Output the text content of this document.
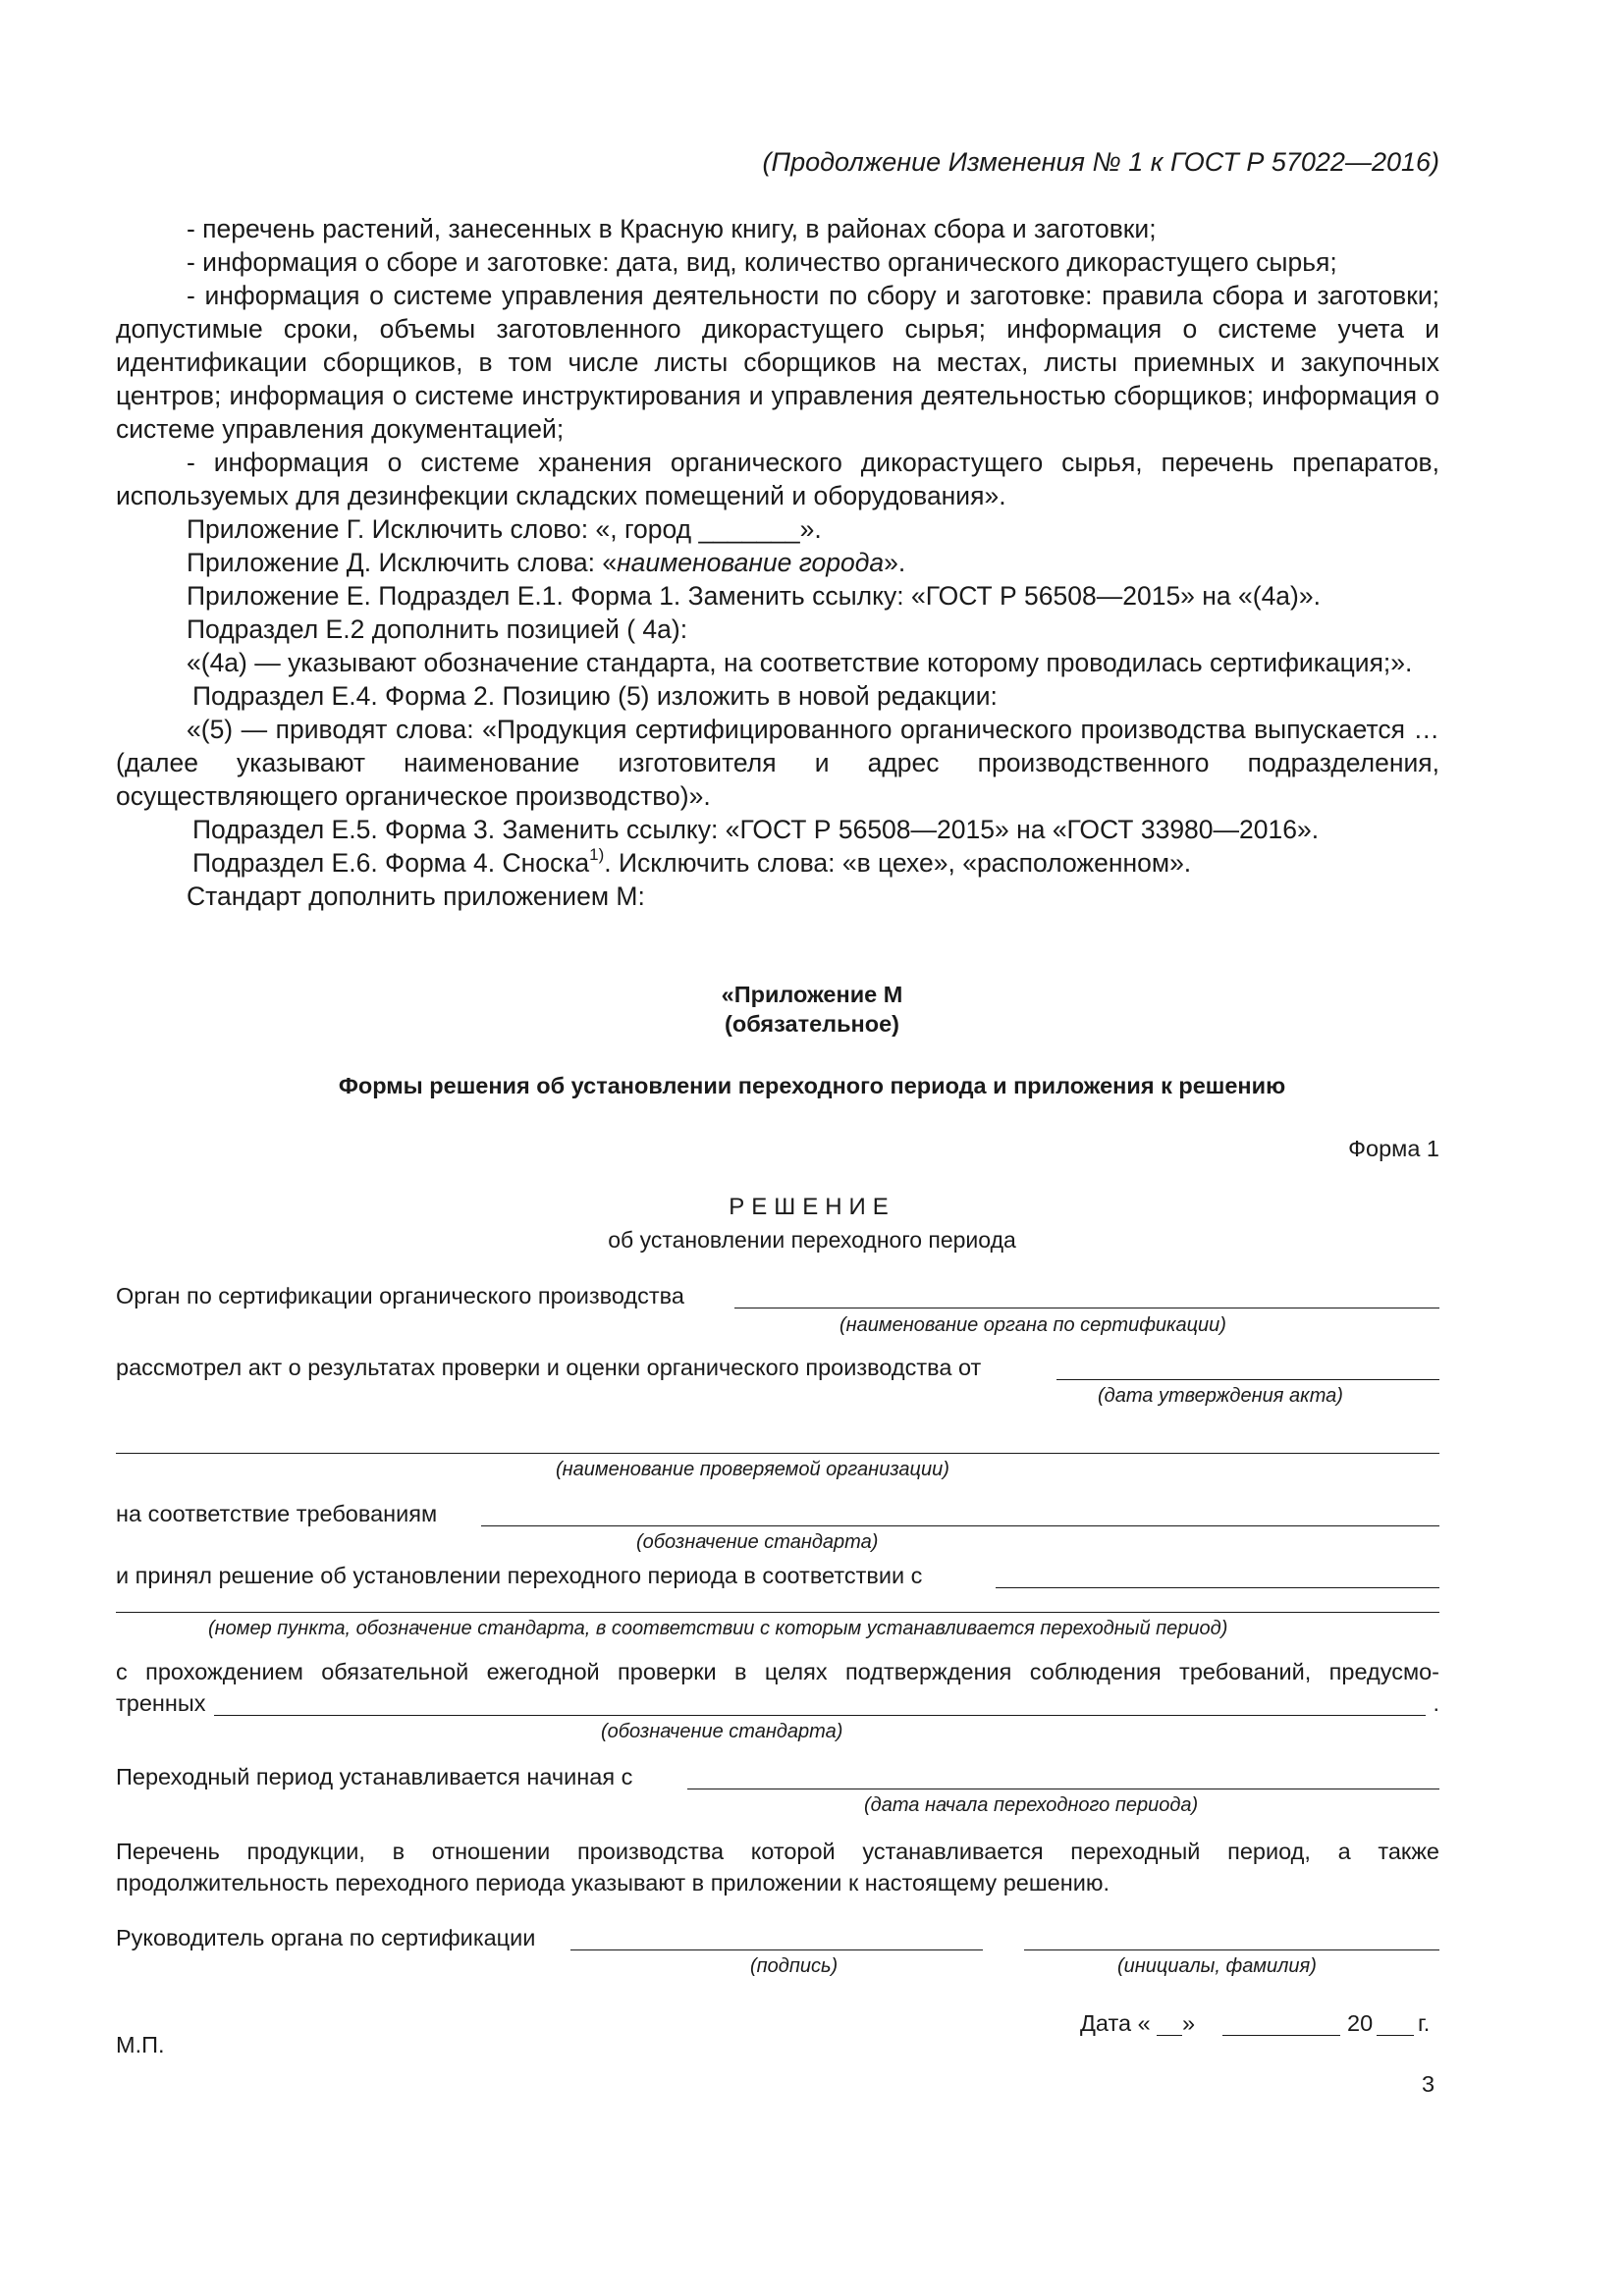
(Продолжение Изменения № 1 к ГОСТ Р 57022—2016)

- перечень растений, занесенных в Красную книгу, в районах сбора и заготовки;

- информация о сборе и заготовке: дата, вид, количество органического дикорастущего сырья;

- информация о системе управления деятельности по сбору и заготовке: правила сбора и заготовки; допустимые сроки, объемы заготовленного дикорастущего сырья; информация о системе учета и идентификации сборщиков, в том числе листы сборщиков на местах, листы приемных и закупочных центров; информация о системе инструктирования и управления деятельностью сборщиков; информация о системе управления документацией;

- информация о системе хранения органического дикорастущего сырья, перечень препаратов, используемых для дезинфекции складских помещений и оборудования».

Приложение Г. Исключить слово: «, город _______».

Приложение Д. Исключить слова: «наименование города».

Приложение Е. Подраздел Е.1. Форма 1. Заменить ссылку: «ГОСТ Р 56508—2015» на «(4а)».

Подраздел Е.2 дополнить позицией ( 4а):

«(4а) — указывают обозначение стандарта, на соответствие которому проводилась сертификация;».

Подраздел Е.4. Форма 2. Позицию (5) изложить в новой редакции:

«(5) — приводят слова: «Продукция сертифицированного органического производства выпускается … (далее указывают наименование изготовителя и адрес производственного подразделения, осуществляющего органическое производство)».

Подраздел Е.5. Форма 3. Заменить ссылку: «ГОСТ Р 56508—2015» на «ГОСТ 33980—2016».

Подраздел Е.6. Форма 4. Сноска$^{1)}$. Исключить слова: «в цехе», «расположенном».

Стандарт дополнить приложением М:

«Приложение М
(обязательное)
Формы решения об установлении переходного периода и приложения к решению
Форма 1
РЕШЕНИЕ
об установлении переходного периода
Орган по сертификации органического производства
(наименование органа по сертификации)
рассмотрел акт о результатах проверки и оценки органического производства от
(дата утверждения акта)
(наименование проверяемой организации)
на соответствие требованиям
(обозначение стандарта)
и принял решение об установлении переходного периода в соответствии с
(номер пункта, обозначение стандарта, в соответствии с которым устанавливается переходный период)
с прохождением обязательной ежегодной проверки в целях подтверждения соблюдения требований, предусмо-
тренных	.
(обозначение стандарта)
Переходный период устанавливается начиная с
(дата начала переходного периода)

Перечень продукции, в отношении производства которой устанавливается переходный период, а также продолжительность переходного периода указывают в приложении к настоящему решению.

Руководитель органа по сертификации
(подпись)	(инициалы, фамилия)
Дата « »	20 г.
М.П.
3
